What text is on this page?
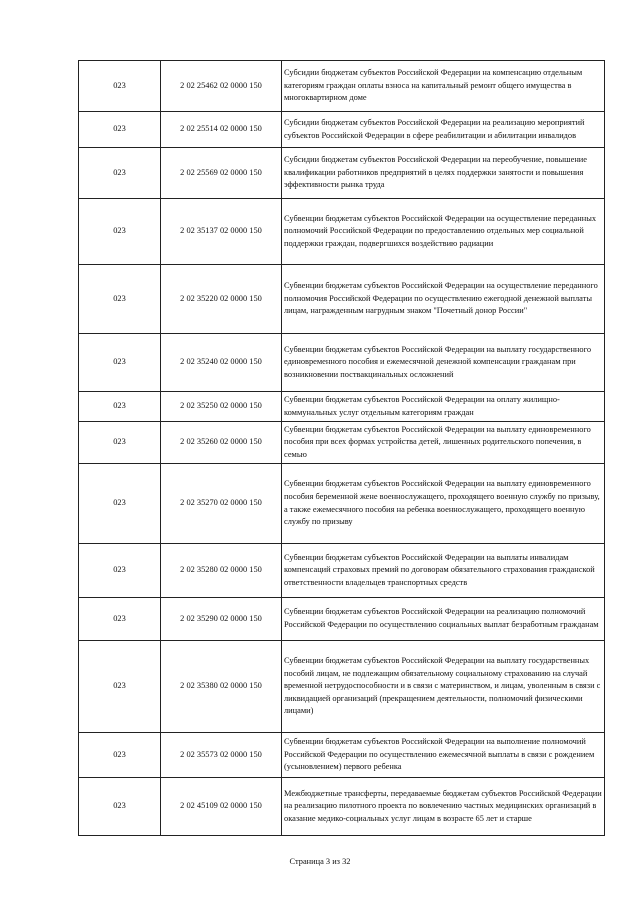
023	2 02 25462 02 0000 150	Субсидии бюджетам субъектов Российской Федерации на компенсацию отдельным категориям граждан оплаты взноса на капитальный ремонт общего имущества в многоквартирном доме
023	2 02 25514 02 0000 150	Субсидии бюджетам субъектов Российской Федерации на реализацию мероприятий субъектов Российской Федерации в сфере реабилитации и абилитации инвалидов
023	2 02 25569 02 0000 150	Субсидии бюджетам субъектов Российской Федерации на переобучение, повышение квалификации работников предприятий в целях поддержки занятости и повышения эффективности рынка труда
023	2 02 35137 02 0000 150	Субвенции бюджетам субъектов Российской Федерации на осуществление переданных полномочий Российской Федерации по предоставлению отдельных мер социальной поддержки граждан, подвергшихся воздействию радиации
023	2 02 35220 02 0000 150	Субвенции бюджетам субъектов Российской Федерации на осуществление переданного полномочия Российской Федерации по осуществлению ежегодной денежной выплаты лицам, награжденным нагрудным знаком "Почетный донор России"
023	2 02 35240 02 0000 150	Субвенции бюджетам субъектов Российской Федерации на выплату государственного единовременного пособия и ежемесячной денежной компенсации гражданам при возникновении поствакцинальных осложнений
023	2 02 35250 02 0000 150	Субвенции бюджетам субъектов Российской Федерации на оплату жилищно-коммунальных услуг отдельным категориям граждан
023	2 02 35260 02 0000 150	Субвенции бюджетам субъектов Российской Федерации на выплату единовременного пособия при всех формах устройства детей, лишенных родительского попечения, в семью
023	2 02 35270 02 0000 150	Субвенции бюджетам субъектов Российской Федерации на выплату единовременного пособия беременной жене военнослужащего, проходящего военную службу по призыву, а также ежемесячного пособия на ребенка военнослужащего, проходящего военную службу по призыву
023	2 02 35280 02 0000 150	Субвенции бюджетам субъектов Российской Федерации на выплаты инвалидам компенсаций страховых премий по договорам обязательного страхования гражданской ответственности владельцев транспортных средств
023	2 02 35290 02 0000 150	Субвенции бюджетам субъектов Российской Федерации на реализацию полномочий Российской Федерации по осуществлению социальных выплат безработным гражданам
023	2 02 35380 02 0000 150	Субвенции бюджетам субъектов Российской Федерации на выплату государственных пособий лицам, не подлежащим обязательному социальному страхованию на случай временной нетрудоспособности и в связи с материнством, и лицам, уволенным в связи с ликвидацией организаций (прекращением деятельности, полномочий физическими лицами)
023	2 02 35573 02 0000 150	Субвенции бюджетам субъектов Российской Федерации на выполнение полномочий Российской Федерации по осуществлению ежемесячной выплаты в связи с рождением (усыновлением) первого ребенка
023	2 02 45109 02 0000 150	Межбюджетные трансферты, передаваемые бюджетам субъектов Российской Федерации на реализацию пилотного проекта по вовлечению частных медицинских организаций в оказание медико-социальных услуг лицам в возрасте 65 лет и старше
Страница 3 из 32
